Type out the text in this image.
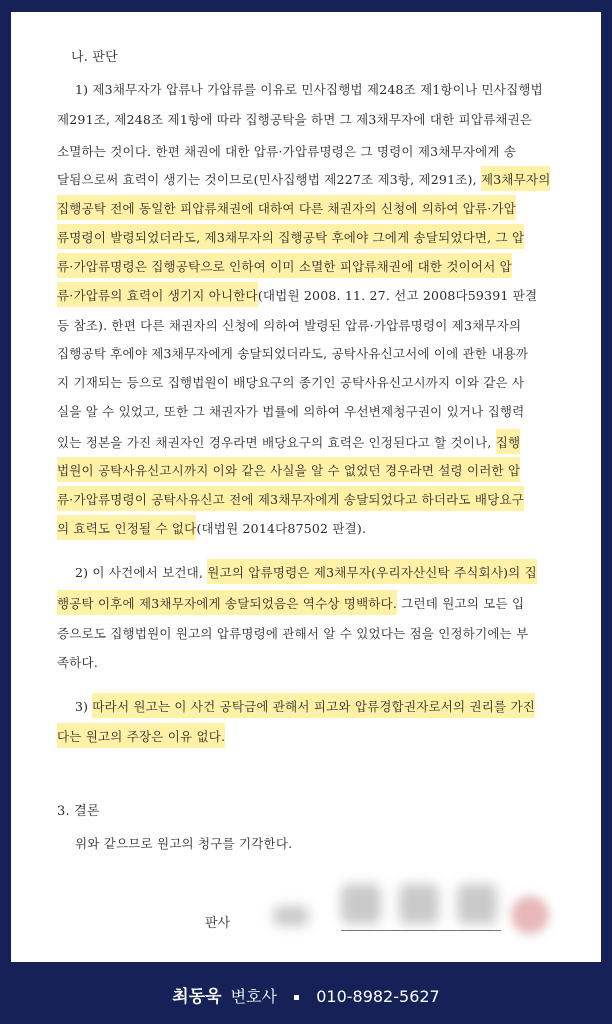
나. 판단
1) 제3채무자가 압류나 가압류를 이유로 민사집행법 제248조 제1항이나 민사집행법
제291조, 제248조 제1항에 따라 집행공탁을 하면 그 제3채무자에 대한 피압류채권은
소멸하는 것이다. 한편 채권에 대한 압류·가압류명령은 그 명령이 제3채무자에게 송
달됨으로써 효력이 생기는 것이므로(민사집행법 제227조 제3항, 제291조), 제3채무자의
집행공탁 전에 동일한 피압류채권에 대하여 다른 채권자의 신청에 의하여 압류·가압
류명령이 발령되었더라도, 제3채무자의 집행공탁 후에야 그에게 송달되었다면, 그 압
류·가압류명령은 집행공탁으로 인하여 이미 소멸한 피압류채권에 대한 것이어서 압
류·가압류의 효력이 생기지 아니한다(대법원 2008. 11. 27. 선고 2008다59391 판결
등 참조). 한편 다른 채권자의 신청에 의하여 발령된 압류·가압류명령이 제3채무자의
집행공탁 후에야 제3채무자에게 송달되었더라도, 공탁사유신고서에 이에 관한 내용까
지 기재되는 등으로 집행법원이 배당요구의 종기인 공탁사유신고시까지 이와 같은 사
실을 알 수 있었고, 또한 그 채권자가 법률에 의하여 우선변제청구권이 있거나 집행력
있는 정본을 가진 채권자인 경우라면 배당요구의 효력은 인정된다고 할 것이나, 집행
법원이 공탁사유신고시까지 이와 같은 사실을 알 수 없었던 경우라면 설령 이러한 압
류·가압류명령이 공탁사유신고 전에 제3채무자에게 송달되었다고 하더라도 배당요구
의 효력도 인정될 수 없다(대법원 2014다87502 판결).
2) 이 사건에서 보건대, 원고의 압류명령은 제3채무자(우리자산신탁 주식회사)의 집
행공탁 이후에 제3채무자에게 송달되었음은 역수상 명백하다. 그런데 원고의 모든 입
증으로도 집행법원이 원고의 압류명령에 관해서 알 수 있었다는 점을 인정하기에는 부
족하다.
3) 따라서 원고는 이 사건 공탁금에 관해서 피고와 압류경합권자로서의 권리를 가진
다는 원고의 주장은 이유 없다.
3. 결론
위와 같으므로 원고의 청구를 기각한다.
판사
최동욱 변호사 010-8982-5627
